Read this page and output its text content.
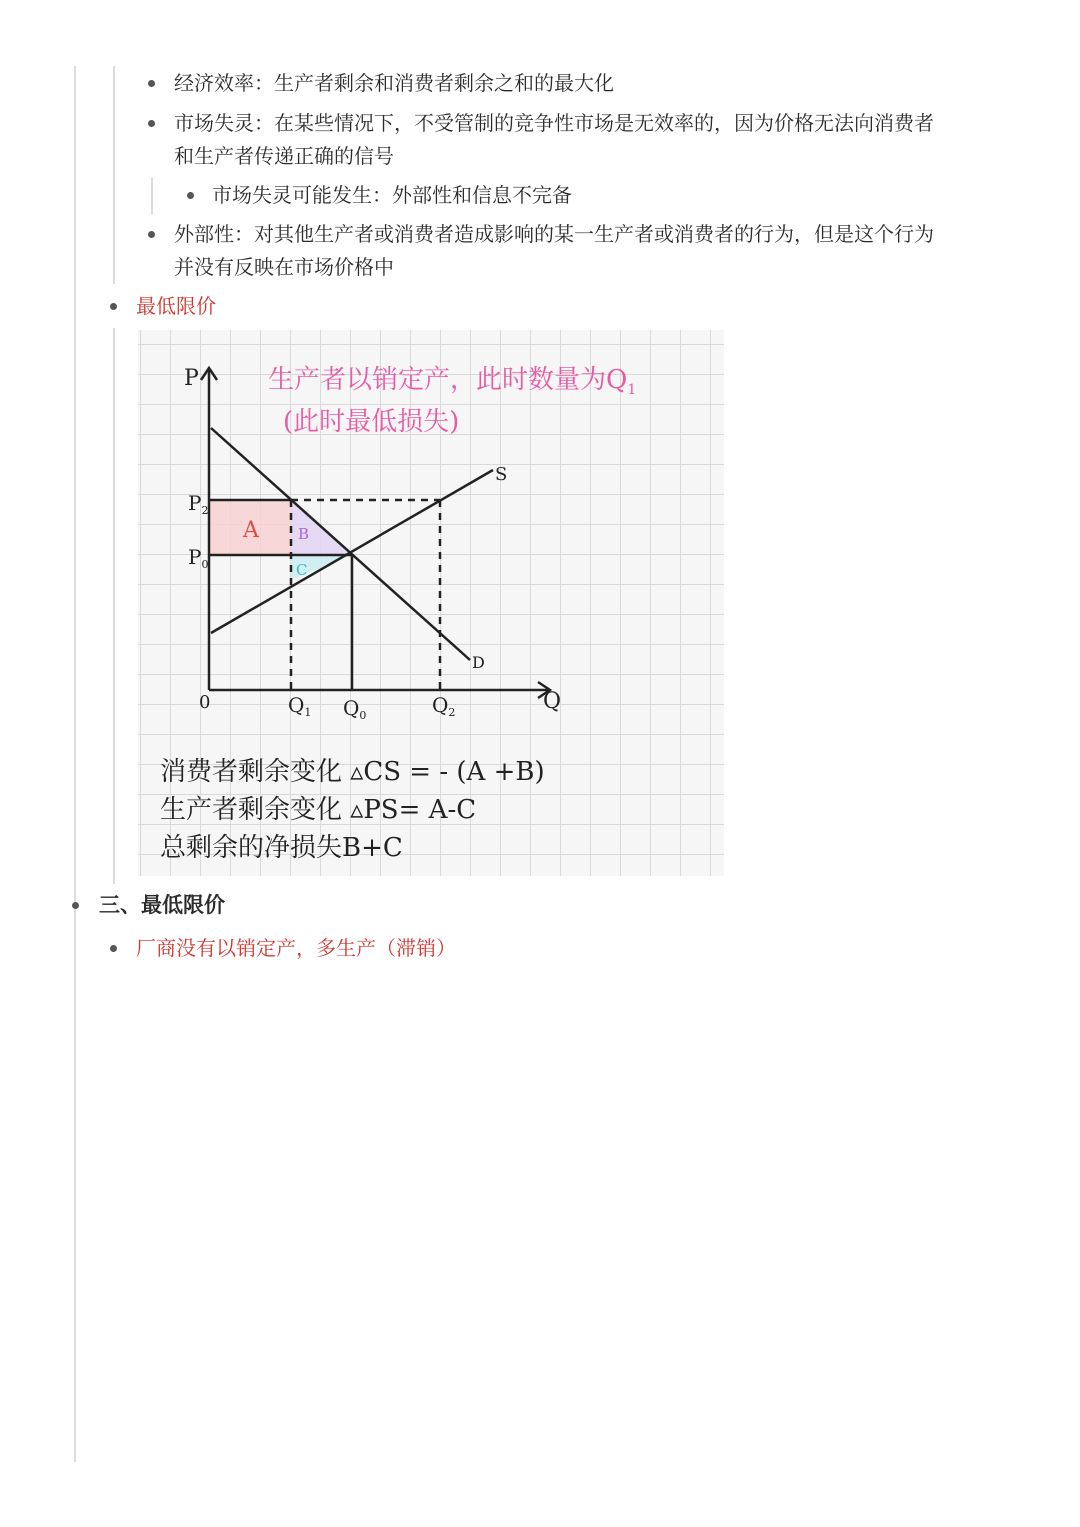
经济效率：生产者剩余和消费者剩余之和的最大化
市场失灵：在某些情况下，不受管制的竞争性市场是无效率的，因为价格无法向消费者
和生产者传递正确的信号
市场失灵可能发生：外部性和信息不完备
外部性：对其他生产者或消费者造成影响的某一生产者或消费者的行为，但是这个行为
并没有反映在市场价格中
最低限价
生产者以销定产，此时数量为$Q_1$
(此时最低损失)
P
Q
0
S
D
$P_2$
$P_0$
$Q_1$ $Q_0$	$Q_2$
A	B
C
消费者剩余变化 ▵CS = - (A +B)
生产者剩余变化 ▵PS= A-C
总剩余的净损失B+C
三、最低限价
厂商没有以销定产，多生产（滞销）
